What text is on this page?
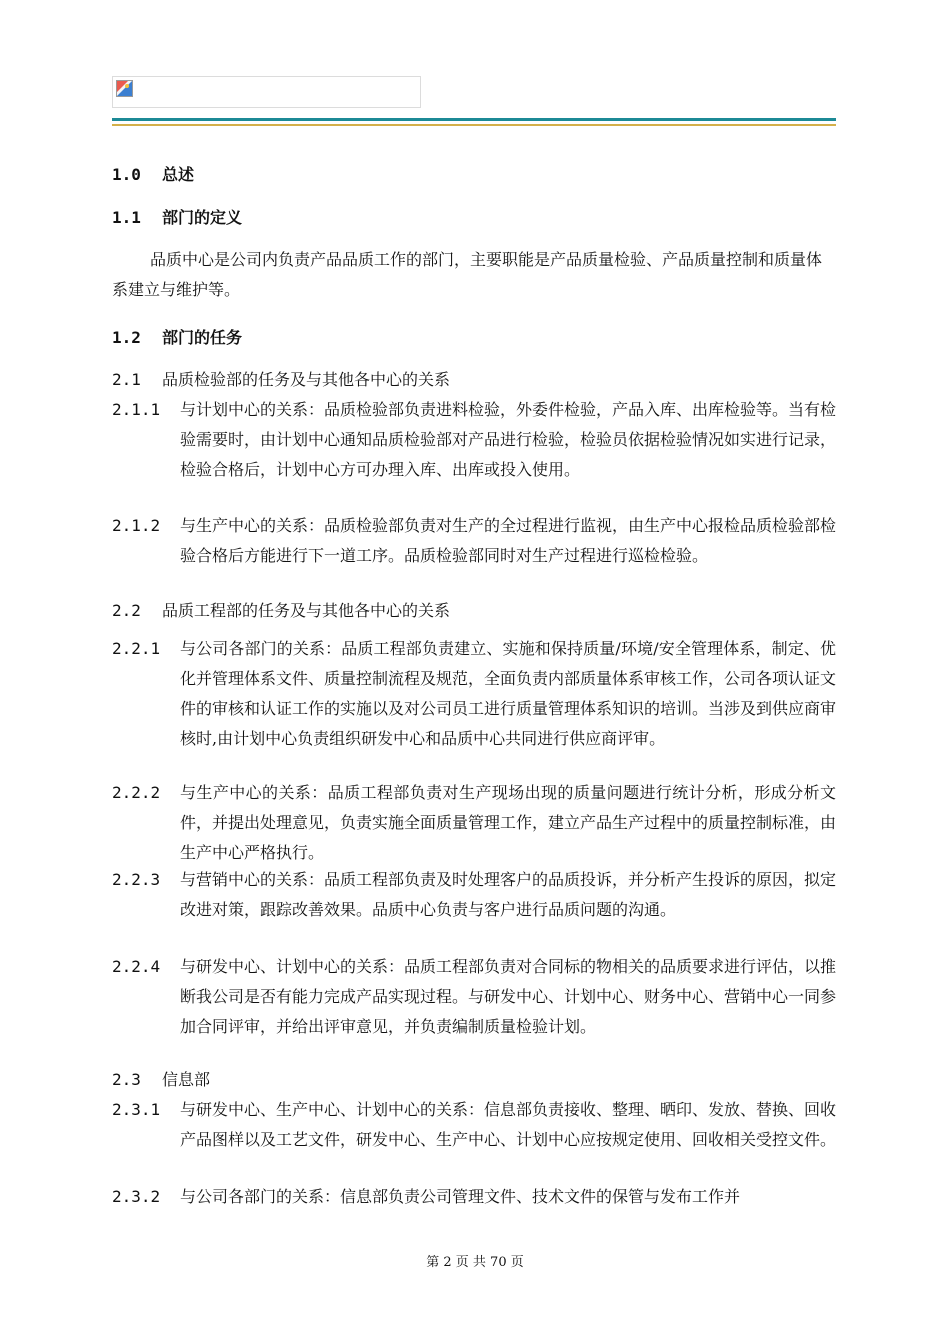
1.0 总述
1.1 部门的定义
品质中心是公司内负责产品品质工作的部门，主要职能是产品质量检验、产品质量控制和质量体系建立与维护等。
1.2 部门的任务
2.1 品质检验部的任务及与其他各中心的关系
2.1.1	与计划中心的关系：品质检验部负责进料检验，外委件检验，产品入库、出库检验等。当有检验需要时，由计划中心通知品质检验部对产品进行检验，检验员依据检验情况如实进行记录，检验合格后，计划中心方可办理入库、出库或投入使用。
2.1.2	与生产中心的关系：品质检验部负责对生产的全过程进行监视，由生产中心报检品质检验部检验合格后方能进行下一道工序。品质检验部同时对生产过程进行巡检检验。
2.2 品质工程部的任务及与其他各中心的关系
2.2.1	与公司各部门的关系：品质工程部负责建立、实施和保持质量/环境/安全管理体系，制定、优化并管理体系文件、质量控制流程及规范，全面负责内部质量体系审核工作，公司各项认证文件的审核和认证工作的实施以及对公司员工进行质量管理体系知识的培训。当涉及到供应商审核时,由计划中心负责组织研发中心和品质中心共同进行供应商评审。
2.2.2	与生产中心的关系：品质工程部负责对生产现场出现的质量问题进行统计分析，形成分析文件，并提出处理意见，负责实施全面质量管理工作，建立产品生产过程中的质量控制标准，由生产中心严格执行。
2.2.3	与营销中心的关系：品质工程部负责及时处理客户的品质投诉，并分析产生投诉的原因，拟定改进对策，跟踪改善效果。品质中心负责与客户进行品质问题的沟通。
2.2.4	与研发中心、计划中心的关系：品质工程部负责对合同标的物相关的品质要求进行评估，以推断我公司是否有能力完成产品实现过程。与研发中心、计划中心、财务中心、营销中心一同参加合同评审，并给出评审意见，并负责编制质量检验计划。
2.3 信息部
2.3.1	与研发中心、生产中心、计划中心的关系：信息部负责接收、整理、晒印、发放、替换、回收产品图样以及工艺文件，研发中心、生产中心、计划中心应按规定使用、回收相关受控文件。
2.3.2	与公司各部门的关系：信息部负责公司管理文件、技术文件的保管与发布工作并
第 2 页 共 70 页
